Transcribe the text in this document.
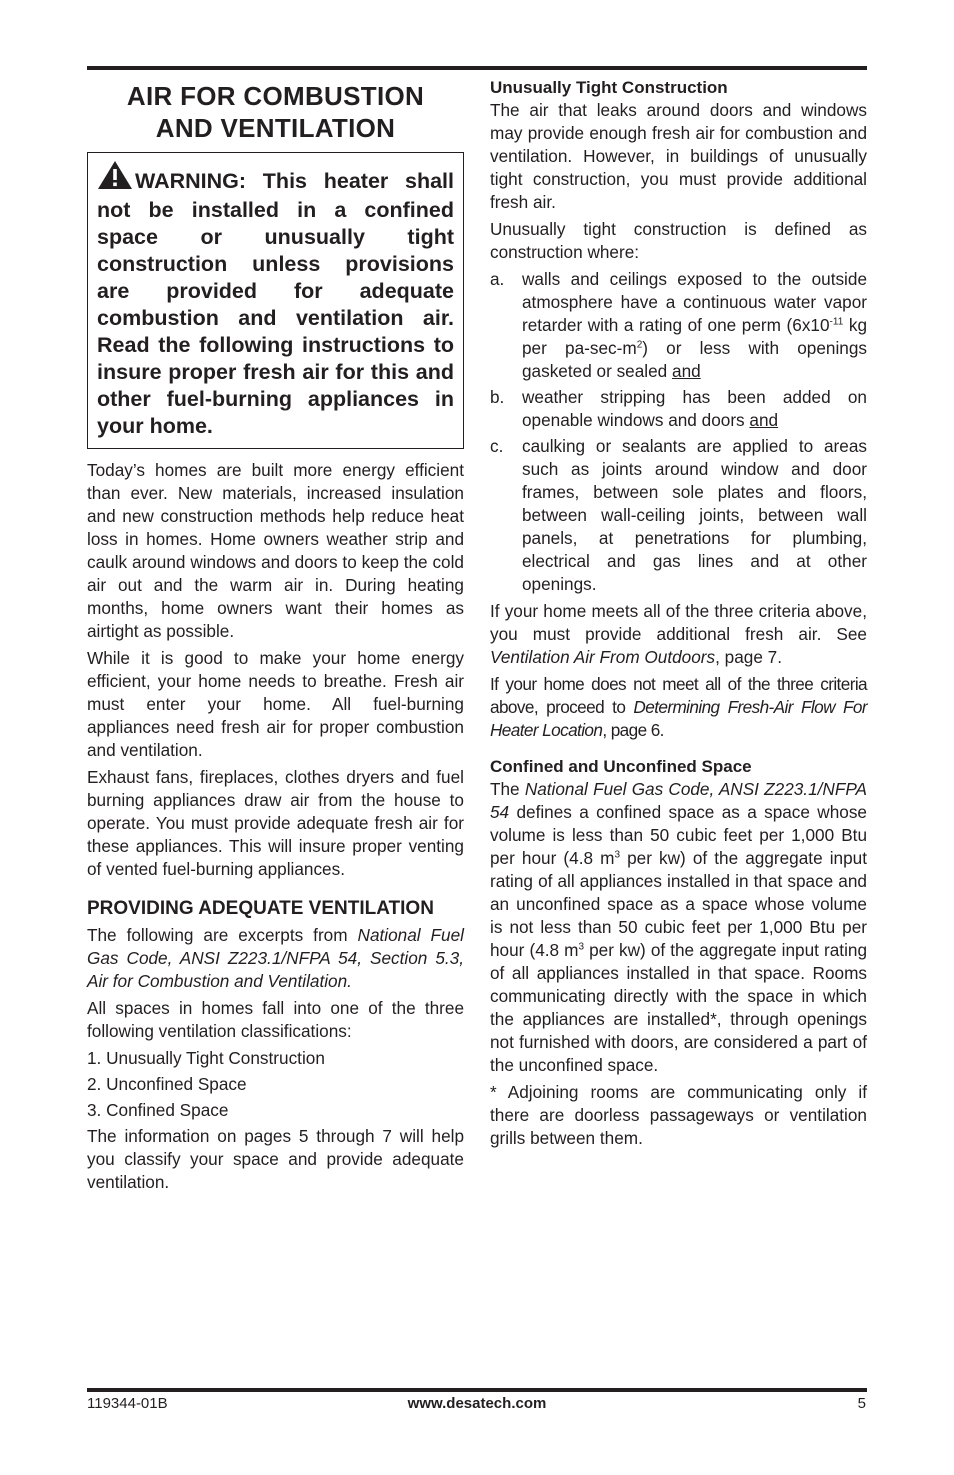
AIR FOR COMBUSTION
AND VENTILATION
WARNING: This heater shall not be installed in a confined space or unusually tight construction unless provisions are provided for adequate combustion and ventilation air. Read the following instructions to insure proper fresh air for this and other fuel-burning appliances in your home.

Today’s homes are built more energy efficient than ever. New materials, increased insulation and new construction methods help reduce heat loss in homes. Home owners weather strip and caulk around windows and doors to keep the cold air out and the warm air in. During heating months, home owners want their homes as airtight as possible.

While it is good to make your home energy efficient, your home needs to breathe. Fresh air must enter your home. All fuel-burning appliances need fresh air for proper combustion and ventilation.

Exhaust fans, fireplaces, clothes dryers and fuel burning appliances draw air from the house to operate. You must provide adequate fresh air for these appliances. This will insure proper venting of vented fuel-burning appliances.

PROVIDING ADEQUATE VENTILATION

The following are excerpts from National Fuel Gas Code, ANSI Z223.1/NFPA 54, Section 5.3, Air for Combustion and Ventilation.

All spaces in homes fall into one of the three following ventilation classifications:

1. Unusually Tight Construction

2. Unconfined Space

3. Confined Space

The information on pages 5 through 7 will help you classify your space and provide adequate ventilation.

Unusually Tight Construction

The air that leaks around doors and windows may provide enough fresh air for combustion and ventilation. However, in buildings of unusually tight construction, you must provide additional fresh air.

Unusually tight construction is defined as construction where:

a. walls and ceilings exposed to the outside atmosphere have a continuous water vapor retarder with a rating of one perm ($6x10^{-11}$ kg per $pa-\sec-m^2$) or less with openings gasketed or sealed and
b. weather stripping has been added on openable windows and doors and
c. caulking or sealants are applied to areas such as joints around window and door frames, between sole plates and floors, between wall-ceiling joints, between wall panels, at penetrations for plumbing, electrical and gas lines and at other openings.

If your home meets all of the three criteria above, you must provide additional fresh air. See Ventilation Air From Outdoors, page 7.

If your home does not meet all of the three criteria above, proceed to Determining Fresh-Air Flow For Heater Location, page 6.

Confined and Unconfined Space

The National Fuel Gas Code, ANSI Z223.1/NFPA 54 defines a confined space as a space whose volume is less than 50 cubic feet per 1,000 Btu per hour (4.8 $m^3$ per kw) of the aggregate input rating of all appliances installed in that space and an unconfined space as a space whose volume is not less than 50 cubic feet per 1,000 Btu per hour (4.8 $m^3$ per kw) of the aggregate input rating of all appliances installed in that space. Rooms communicating directly with the space in which the appliances are installed*, through openings not furnished with doors, are considered a part of the unconfined space.

* Adjoining rooms are communicating only if there are doorless passageways or ventilation grills between them.

119344-01B	www.desatech.com	5
